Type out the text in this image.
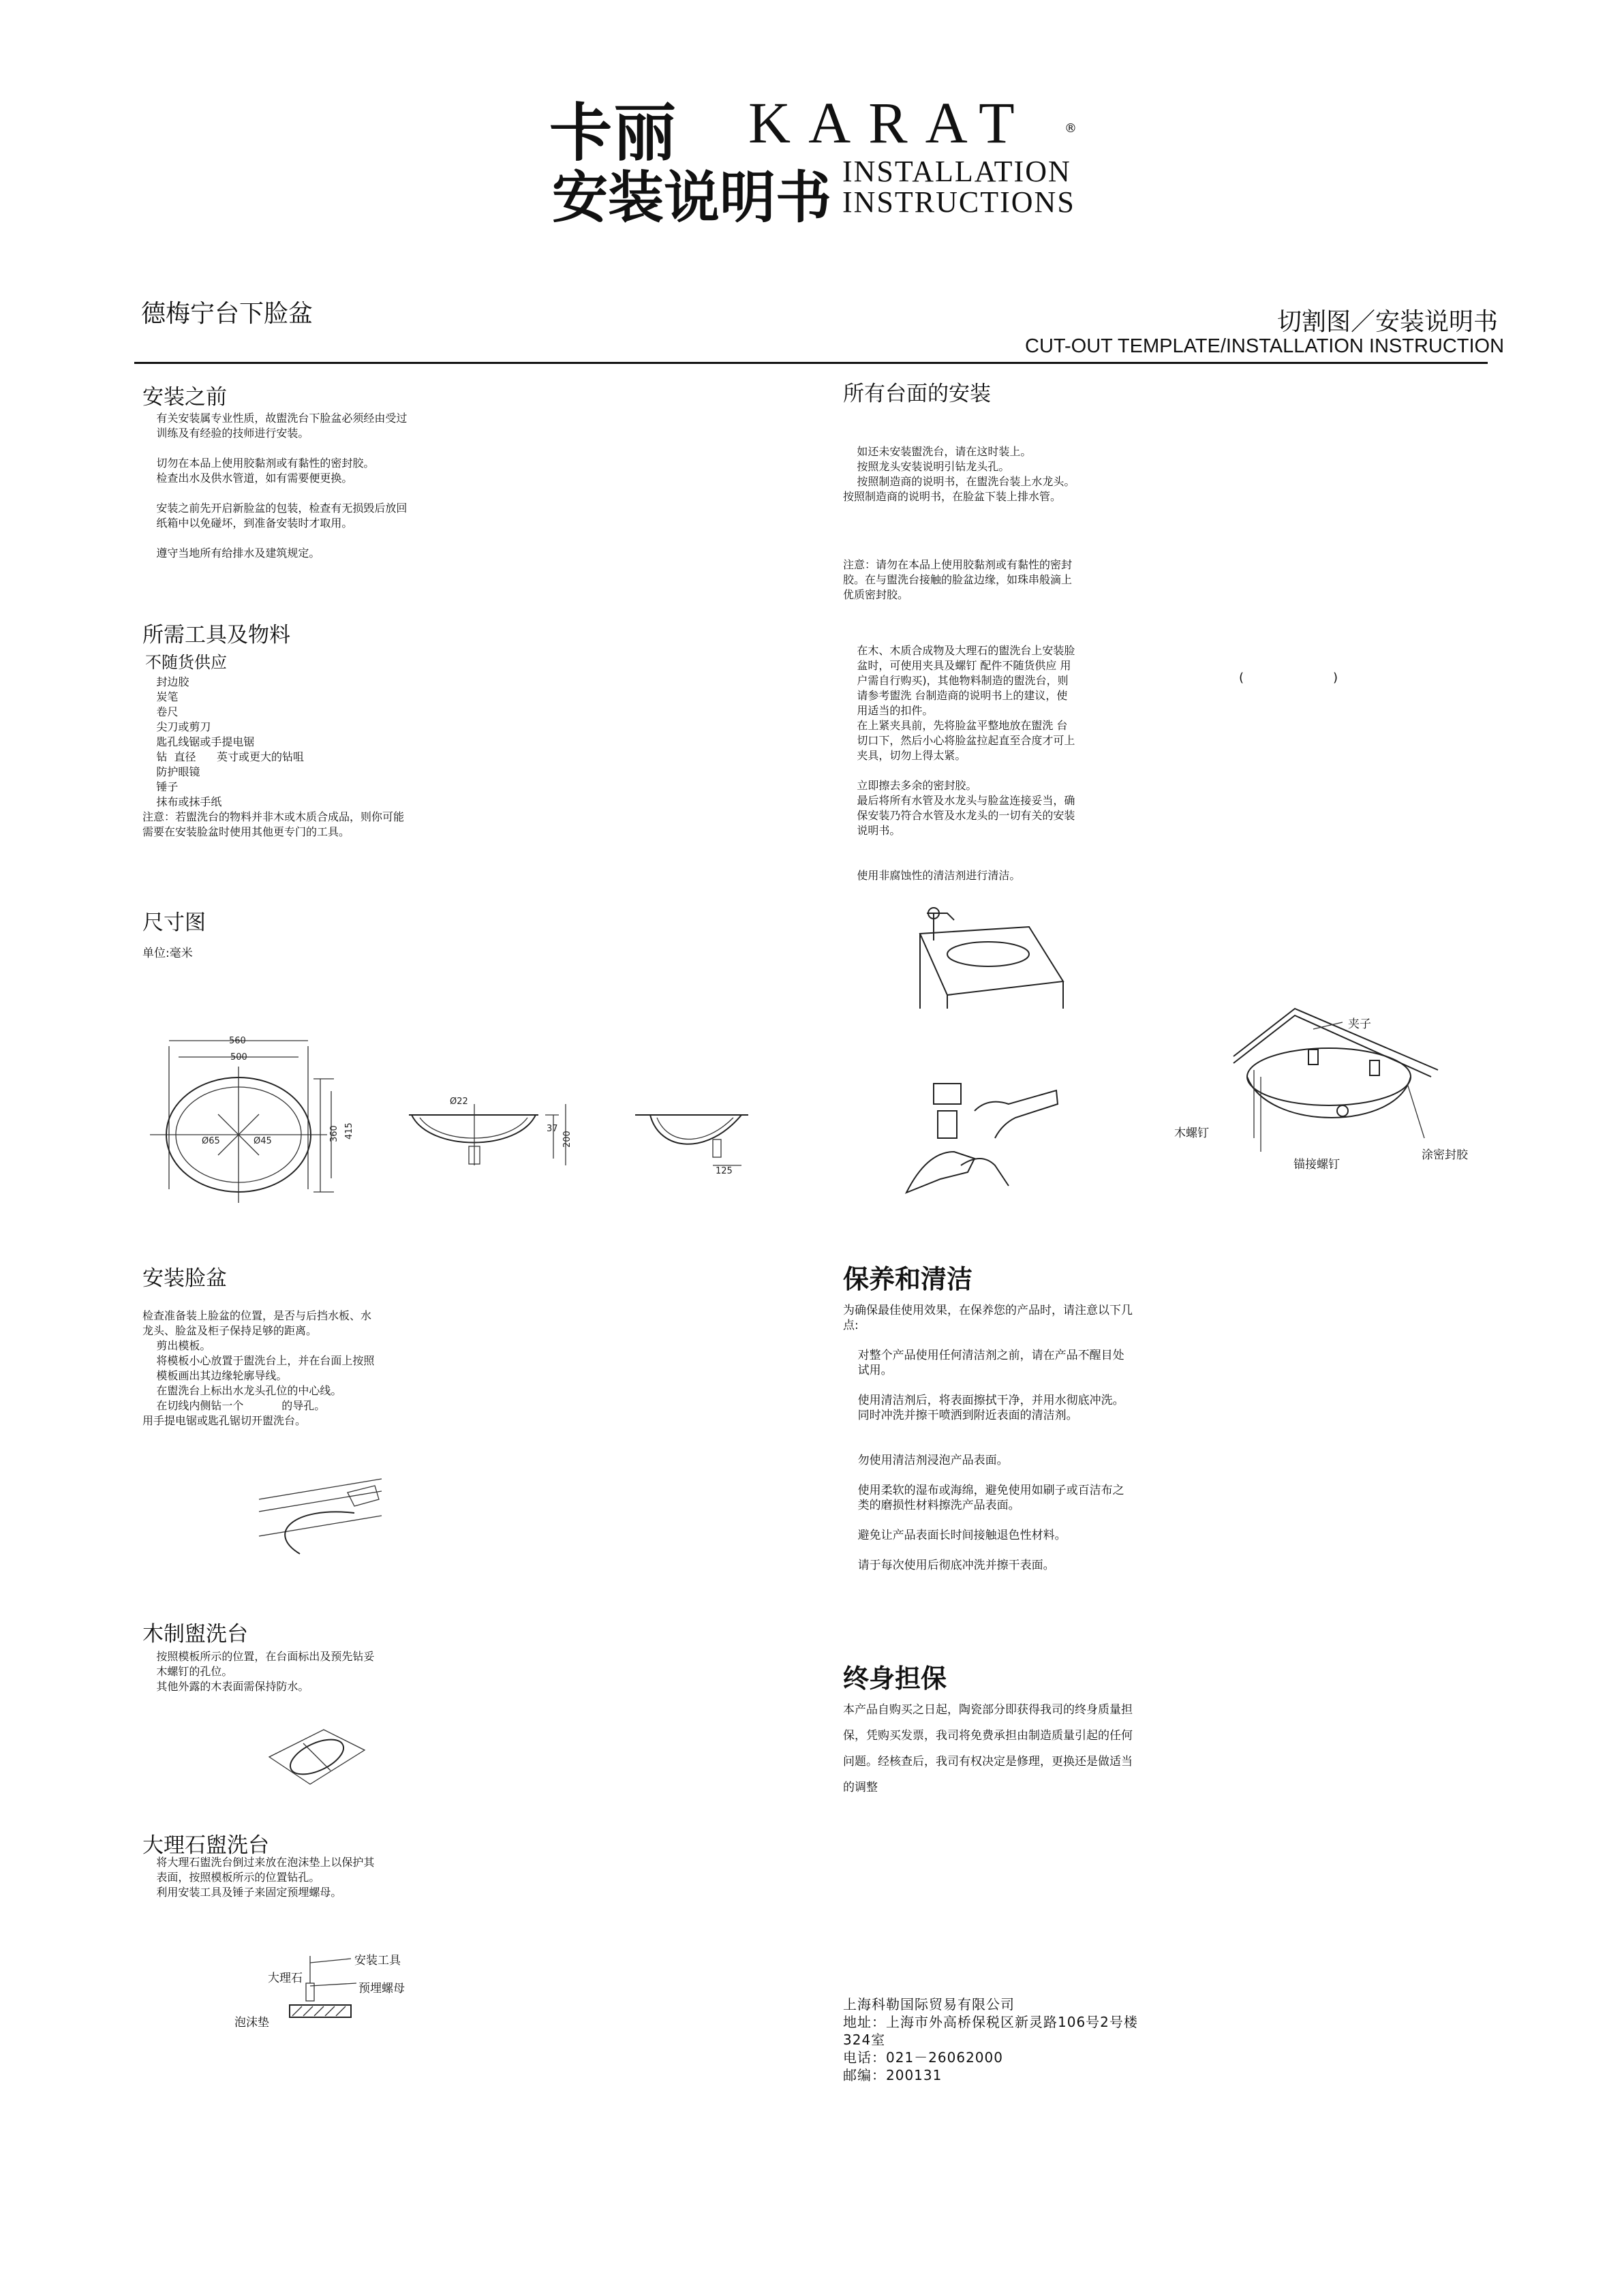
卡丽 KARAT	®
安装说明书 INSTALLATION
INSTRUCTIONS
德梅宁台下脸盆	切割图／安装说明书
CUT-OUT TEMPLATE/INSTALLATION INSTRUCTION
安装之前
有关安装属专业性质，故盥洗台下脸盆必须经由受过
训练及有经验的技师进行安装。

切勿在本品上使用胶黏剂或有黏性的密封胶。
检查出水及供水管道，如有需要便更换。

安装之前先开启新脸盆的包装，检查有无损毁后放回
纸箱中以免碰坏，到准备安装时才取用。

遵守当地所有给排水及建筑规定。
所需工具及物料
不随货供应
封边胶
炭笔
卷尺
尖刀或剪刀
匙孔线锯或手提电锯
钻  直径      英寸或更大的钻咀
防护眼镜
锤子
抹布或抹手纸
注意：若盥洗台的物料并非木或木质合成品，则你可能
需要在安装脸盆时使用其他更专门的工具。
尺寸图
单位:毫米
560
500
415
360
Ø65	Ø45
Ø22
37
200
125
安装脸盆
检查准备装上脸盆的位置，是否与后挡水板、水
龙头、脸盆及柜子保持足够的距离。
剪出模板。
将模板小心放置于盥洗台上，并在台面上按照
模板画出其边缘轮廓导线。
在盥洗台上标出水龙头孔位的中心线。
在切线内侧钻一个           的导孔。
用手提电锯或匙孔锯切开盥洗台。
木制盥洗台
按照模板所示的位置，在台面标出及预先钻妥
木螺钉的孔位。
其他外露的木表面需保持防水。
大理石盥洗台
将大理石盥洗台倒过来放在泡沫垫上以保护其
表面，按照模板所示的位置钻孔。
利用安装工具及锤子来固定预埋螺母。
安装工具
大理石
预埋螺母
泡沫垫
所有台面的安装
如还未安装盥洗台，请在这时装上。
按照龙头安装说明引钻龙头孔。
按照制造商的说明书，在盥洗台装上水龙头。
按照制造商的说明书，在脸盆下装上排水管。
注意：请勿在本品上使用胶黏剂或有黏性的密封
胶。在与盥洗台接触的脸盆边缘，如珠串般滴上
优质密封胶。
在木、木质合成物及大理石的盥洗台上安装脸
盆时，可使用夹具及螺钉 配件不随货供应 用
户需自行购买)，其他物料制造的盥洗台，则
请参考盥洗 台制造商的说明书上的建议，使
用适当的扣件。
在上紧夹具前，先将脸盆平整地放在盥洗 台
切口下，然后小心将脸盆拉起直至合度才可上
夹具，切勿上得太紧。

立即擦去多余的密封胶。
最后将所有水管及水龙头与脸盆连接妥当，确
保安装乃符合水管及水龙头的一切有关的安装
说明书。

使用非腐蚀性的清洁剂进行清洁。
(	)
夹子
木螺钉
锚接螺钉
涂密封胶
保养和清洁
为确保最佳使用效果，在保养您的产品时，请注意以下几
点:

对整个产品使用任何清洁剂之前，请在产品不醒目处
试用。

使用清洁剂后，将表面擦拭干净，并用水彻底冲洗。
同时冲洗并擦干喷洒到附近表面的清洁剂。

勿使用清洁剂浸泡产品表面。

使用柔软的湿布或海绵，避免使用如刷子或百洁布之
类的磨损性材料擦洗产品表面。

避免让产品表面长时间接触退色性材料。

请于每次使用后彻底冲洗并擦干表面。
终身担保
本产品自购买之日起，陶瓷部分即获得我司的终身质量担
保，凭购买发票，我司将免费承担由制造质量引起的任何
问题。经核查后，我司有权决定是修理，更换还是做适当
的调整
上海科勒国际贸易有限公司
地址：上海市外高桥保税区新灵路106号2号楼
324室
电话：021－26062000
邮编：200131
